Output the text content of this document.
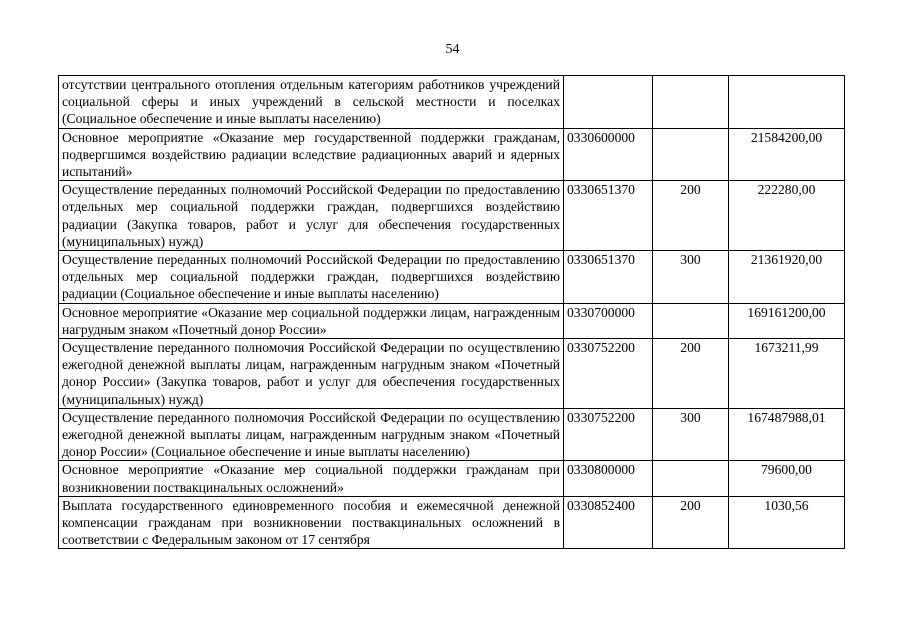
54
отсутствии центрального отопления отдельным категориям работников учреждений социальной сферы и иных учреждений в сельской местности и поселках (Социальное обеспечение и иные выплаты населению)			
Основное мероприятие «Оказание мер государственной поддержки гражданам, подвергшимся воздействию радиации вследствие радиационных аварий и ядерных испытаний»	0330600000		21584200,00
Осуществление переданных полномочий Российской Федерации по предоставлению отдельных мер социальной поддержки граждан, подвергшихся воздействию радиации (Закупка товаров, работ и услуг для обеспечения государственных (муниципальных) нужд)	0330651370	200	222280,00
Осуществление переданных полномочий Российской Федерации по предоставлению отдельных мер социальной поддержки граждан, подвергшихся воздействию радиации (Социальное обеспечение и иные выплаты населению)	0330651370	300	21361920,00
Основное мероприятие «Оказание мер социальной поддержки лицам, награжденным нагрудным знаком «Почетный донор России»	0330700000		169161200,00
Осуществление переданного полномочия Российской Федерации по осуществлению ежегодной денежной выплаты лицам, награжденным нагрудным знаком «Почетный донор России» (Закупка товаров, работ и услуг для обеспечения государственных (муниципальных) нужд)	0330752200	200	1673211,99
Осуществление переданного полномочия Российской Федерации по осуществлению ежегодной денежной выплаты лицам, награжденным нагрудным знаком «Почетный донор России» (Социальное обеспечение и иные выплаты населению)	0330752200	300	167487988,01
Основное мероприятие «Оказание мер социальной поддержки гражданам при возникновении поствакцинальных осложнений»	0330800000		79600,00
Выплата государственного единовременного пособия и ежемесячной денежной компенсации гражданам при возникновении поствакцинальных осложнений в соответствии с Федеральным законом от 17 сентября	0330852400	200	1030,56
